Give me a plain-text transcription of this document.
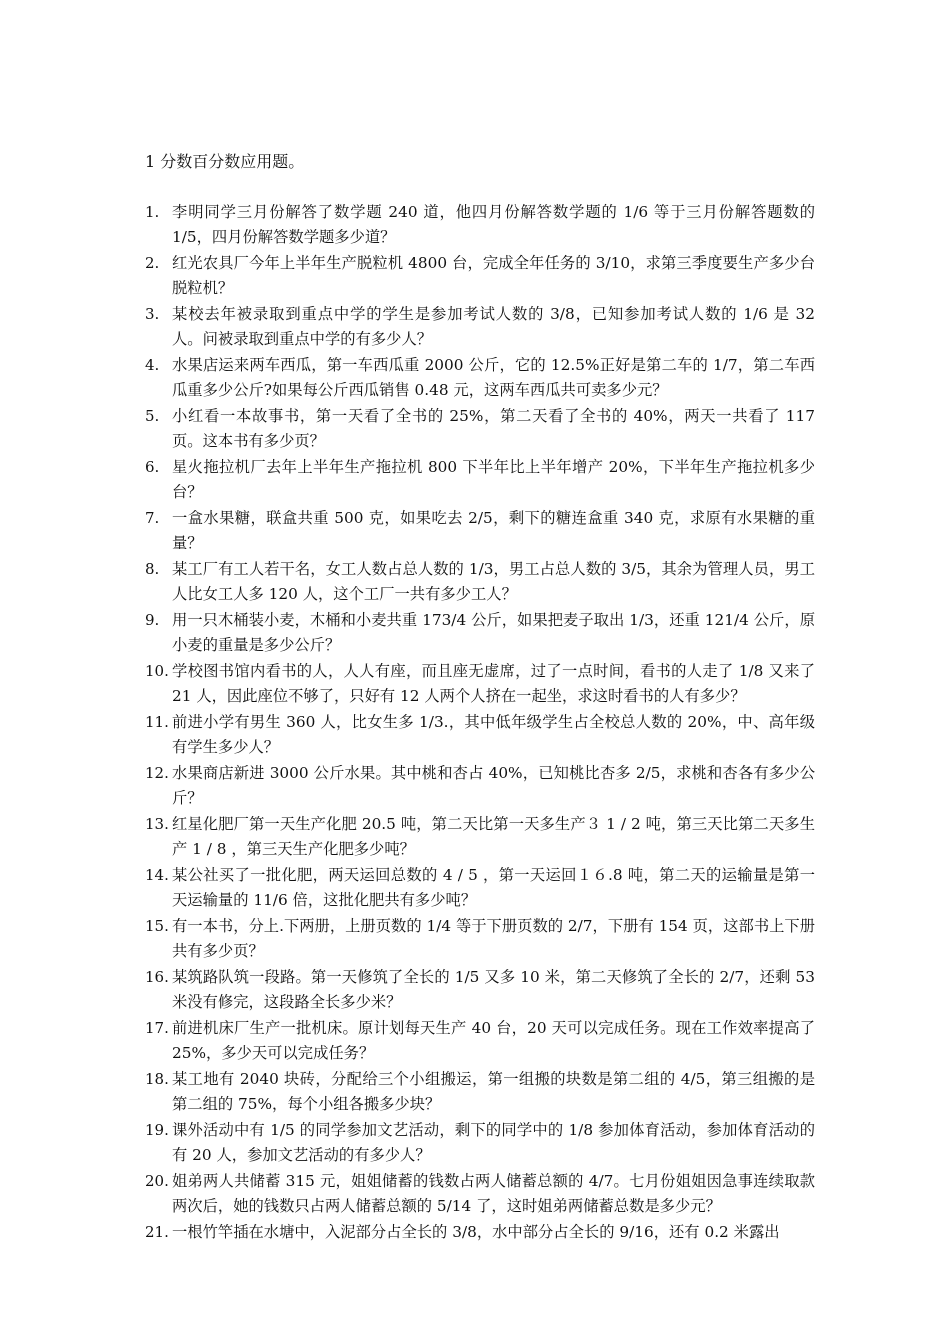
1 分数百分数应用题。
1. 李明同学三月份解答了数学题 240 道，他四月份解答数学题的 1/6 等于三月份解答题数的 1/5，四月份解答数学题多少道？
2. 红光农具厂今年上半年生产脱粒机 4800 台，完成全年任务的 3/10，求第三季度要生产多少台脱粒机？
3. 某校去年被录取到重点中学的学生是参加考试人数的 3/8，已知参加考试人数的 1/6 是 32 人。问被录取到重点中学的有多少人？
4. 水果店运来两车西瓜，第一车西瓜重 2000 公斤，它的 12.5%正好是第二车的 1/7，第二车西瓜重多少公斤?如果每公斤西瓜销售 0.48 元，这两车西瓜共可卖多少元？
5. 小红看一本故事书，第一天看了全书的 25%，第二天看了全书的 40%，两天一共看了 117 页。这本书有多少页？
6. 星火拖拉机厂去年上半年生产拖拉机 800 下半年比上半年增产 20%，下半年生产拖拉机多少台？
7. 一盒水果糖，联盒共重 500 克，如果吃去 2/5，剩下的糖连盒重 340 克，求原有水果糖的重量？
8. 某工厂有工人若干名，女工人数占总人数的 1/3，男工占总人数的 3/5，其余为管理人员，男工人比女工人多 120 人，这个工厂一共有多少工人？
9. 用一只木桶装小麦，木桶和小麦共重 173/4 公斤，如果把麦子取出 1/3，还重 121/4 公斤，原小麦的重量是多少公斤？
10. 学校图书馆内看书的人，人人有座，而且座无虚席，过了一点时间，看书的人走了 1/8 又来了 21 人，因此座位不够了，只好有 12 人两个人挤在一起坐，求这时看书的人有多少？
11. 前进小学有男生 360 人，比女生多 1/3.，其中低年级学生占全校总人数的 20%，中、高年级有学生多少人？
12. 水果商店新进 3000 公斤水果。其中桃和杏占 40%，已知桃比杏多 2/5，求桃和杏各有多少公斤？
13. 红星化肥厂第一天生产化肥 20.5 吨，第二天比第一天多生产３ 1 / 2 吨，第三天比第二天多生产 1 / 8 ，第三天生产化肥多少吨？
14. 某公社买了一批化肥，两天运回总数的 4 / 5 ，第一天运回１６.8 吨，第二天的运输量是第一天运输量的 11/6 倍，这批化肥共有多少吨？
15. 有一本书，分上.下两册，上册页数的 1/4 等于下册页数的 2/7，下册有 154 页，这部书上下册共有多少页？
16. 某筑路队筑一段路。第一天修筑了全长的 1/5 又多 10 米，第二天修筑了全长的 2/7，还剩 53 米没有修完，这段路全长多少米？
17. 前进机床厂生产一批机床。原计划每天生产 40 台，20 天可以完成任务。现在工作效率提高了 25%，多少天可以完成任务？
18. 某工地有 2040 块砖，分配给三个小组搬运，第一组搬的块数是第二组的 4/5，第三组搬的是第二组的 75%，每个小组各搬多少块？
19. 课外活动中有 1/5 的同学参加文艺活动，剩下的同学中的 1/8 参加体育活动，参加体育活动的有 20 人，参加文艺活动的有多少人？
20. 姐弟两人共储蓄 315 元，姐姐储蓄的钱数占两人储蓄总额的 4/7。七月份姐姐因急事连续取款两次后，她的钱数只占两人储蓄总额的 5/14 了，这时姐弟两储蓄总数是多少元？
21. 一根竹竿插在水塘中，入泥部分占全长的 3/8，水中部分占全长的 9/16，还有 0.2 米露出
